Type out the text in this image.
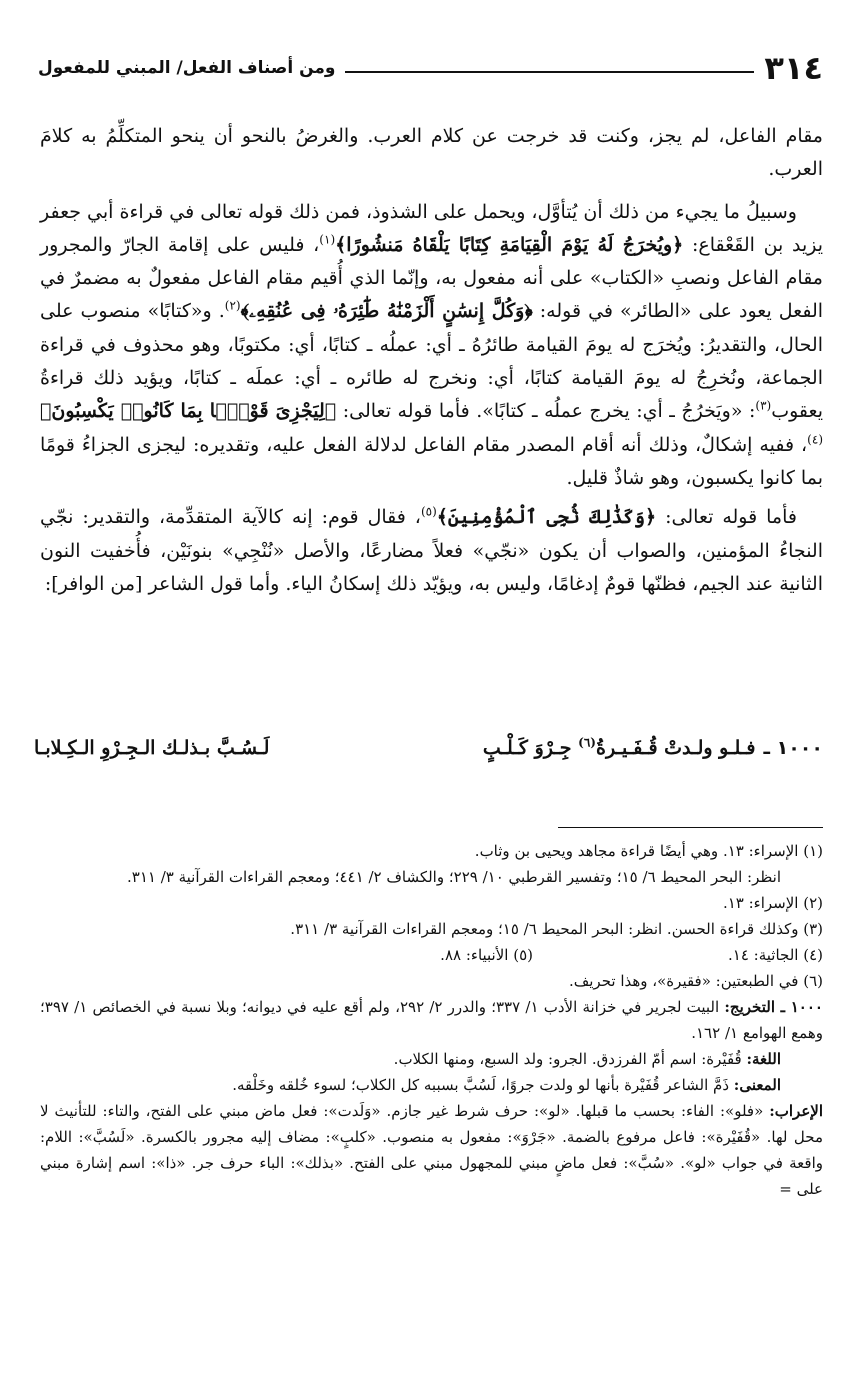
٣١٤
ومن أصناف الفعل/ المبني للمفعول

مقام الفاعل، لم يجز، وكنت قد خرجت عن كلام العرب. والغرضُ بالنحو أن ينحو المتكلِّمُ به كلامَ العرب.

وسبيلُ ما يجيء من ذلك أن يُتأوَّل، ويحمل على الشذوذ، فمن ذلك قوله تعالى في قراءة أبي جعفر يزيد بن القَعْقاع: ﴿ويُخرَجُ لَهُ يَوْمَ الْقِيَامَةِ كِتَابًا يَلْقَاهُ مَنشُورًا﴾$^{(١)}$، فليس على إقامة الجارّ والمجرور مقام الفاعل ونصبِ «الكتاب» على أنه مفعول به، وإنّما الذي أُقيم مقام الفاعل مفعولٌ به مضمرٌ في الفعل يعود على «الطائر» في قوله: ﴿وَكُلَّ إِنسَٰنٍ أَلْزَمْنَٰهُ طَٰٓئِرَهُۥ فِى عُنُقِهِۦ﴾$^{(٢)}$. و«كتابًا» منصوب على الحال، والتقديرُ: ويُخرَج له يومَ القيامة طائرُهُ ـ أي: عملُه ـ كتابًا، أي: مكتوبًا، وهو محذوف في قراءة الجماعة، ونُخرِجُ له يومَ القيامة كتابًا، أي: ونخرج له طائره ـ أي: عملَه ـ كتابًا، ويؤيد ذلك قراءةُ يعقوب$^{(٣)}$: «ويَخرُجُ ـ أي: يخرج عملُه ـ كتابًا». فأما قوله تعالى: ﴿لِيَجْزِىَ قَوْمًۢا بِمَا كَانُوا۟ يَكْسِبُونَ﴾$^{(٤)}$، ففيه إشكالٌ، وذلك أنه أقام المصدر مقام الفاعل لدلالة الفعل عليه، وتقديره: ليجزى الجزاءُ قومًا بما كانوا يكسبون، وهو شاذٌ قليل.

فأما قوله تعالى: ﴿وَكَذَٰلِكَ نُۨجِى ٱلْمُؤْمِنِينَ﴾$^{(٥)}$، فقال قوم: إنه كالآية المتقدِّمة، والتقدير: نجّي النجاءُ المؤمنين، والصواب أن يكون «نجّي» فعلاً مضارعًا، والأصل «نُنْجِي» بنونَيْن، فأُخفيت النون الثانية عند الجيم، فظنّها قومٌ إدغامًا، وليس به، ويؤيّد ذلك إسكانُ الياء. وأما قول الشاعر [من الوافر]:

١٠٠٠ ـ
فـلـو ولـدتْ قُـفَـيـرةُ$^{(٦)}$ جِـرْوَ كَـلْـبٍ
لَـسُـبَّ بـذلـك الـجِـرْوِ الـكِـلابـا
(١) الإسراء: ١٣. وهي أيضًا قراءة مجاهد ويحيى بن وثاب.
انظر: البحر المحيط ٦/ ١٥؛ وتفسير القرطبي ١٠/ ٢٢٩؛ والكشاف ٢/ ٤٤١؛ ومعجم القراءات القرآنية ٣/ ٣١١.
(٢) الإسراء: ١٣.
(٣) وكذلك قراءة الحسن. انظر: البحر المحيط ٦/ ١٥؛ ومعجم القراءات القرآنية ٣/ ٣١١.
(٤) الجاثية: ١٤.
(٥) الأنبياء: ٨٨.
(٦) في الطبعتين: «فقيرة»، وهذا تحريف.
١٠٠٠ ـ التخريج: البيت لجرير في خزانة الأدب ١/ ٣٣٧؛ والدرر ٢/ ٢٩٢، ولم أقع عليه في ديوانه؛ وبلا نسبة في الخصائص ١/ ٣٩٧؛ وهمع الهوامع ١/ ١٦٢.
اللغة: قُفَيْرة: اسم أمّ الفرزدق. الجرو: ولد السبع، ومنها الكلاب.
المعنى: ذَمَّ الشاعر قُفَيْرة بأنها لو ولدت جروًا، لَسُبَّ بسببه كل الكلاب؛ لسوء خُلقه وخَلْقه.
الإعراب: «فلو»: الفاء: بحسب ما قبلها. «لو»: حرف شرط غير جازم. «وَلَدت»: فعل ماض مبني على الفتح، والتاء: للتأنيث لا محل لها. «قُفَيْرة»: فاعل مرفوع بالضمة. «جَرْوَ»: مفعول به منصوب. «كلبٍ»: مضاف إليه مجرور بالكسرة. «لَسُبَّ»: اللام: واقعة في جواب «لو». «سُبَّ»: فعل ماضٍ مبني للمجهول مبني على الفتح. «بذلك»: الباء حرف جر. «ذا»: اسم إشارة مبني على =
